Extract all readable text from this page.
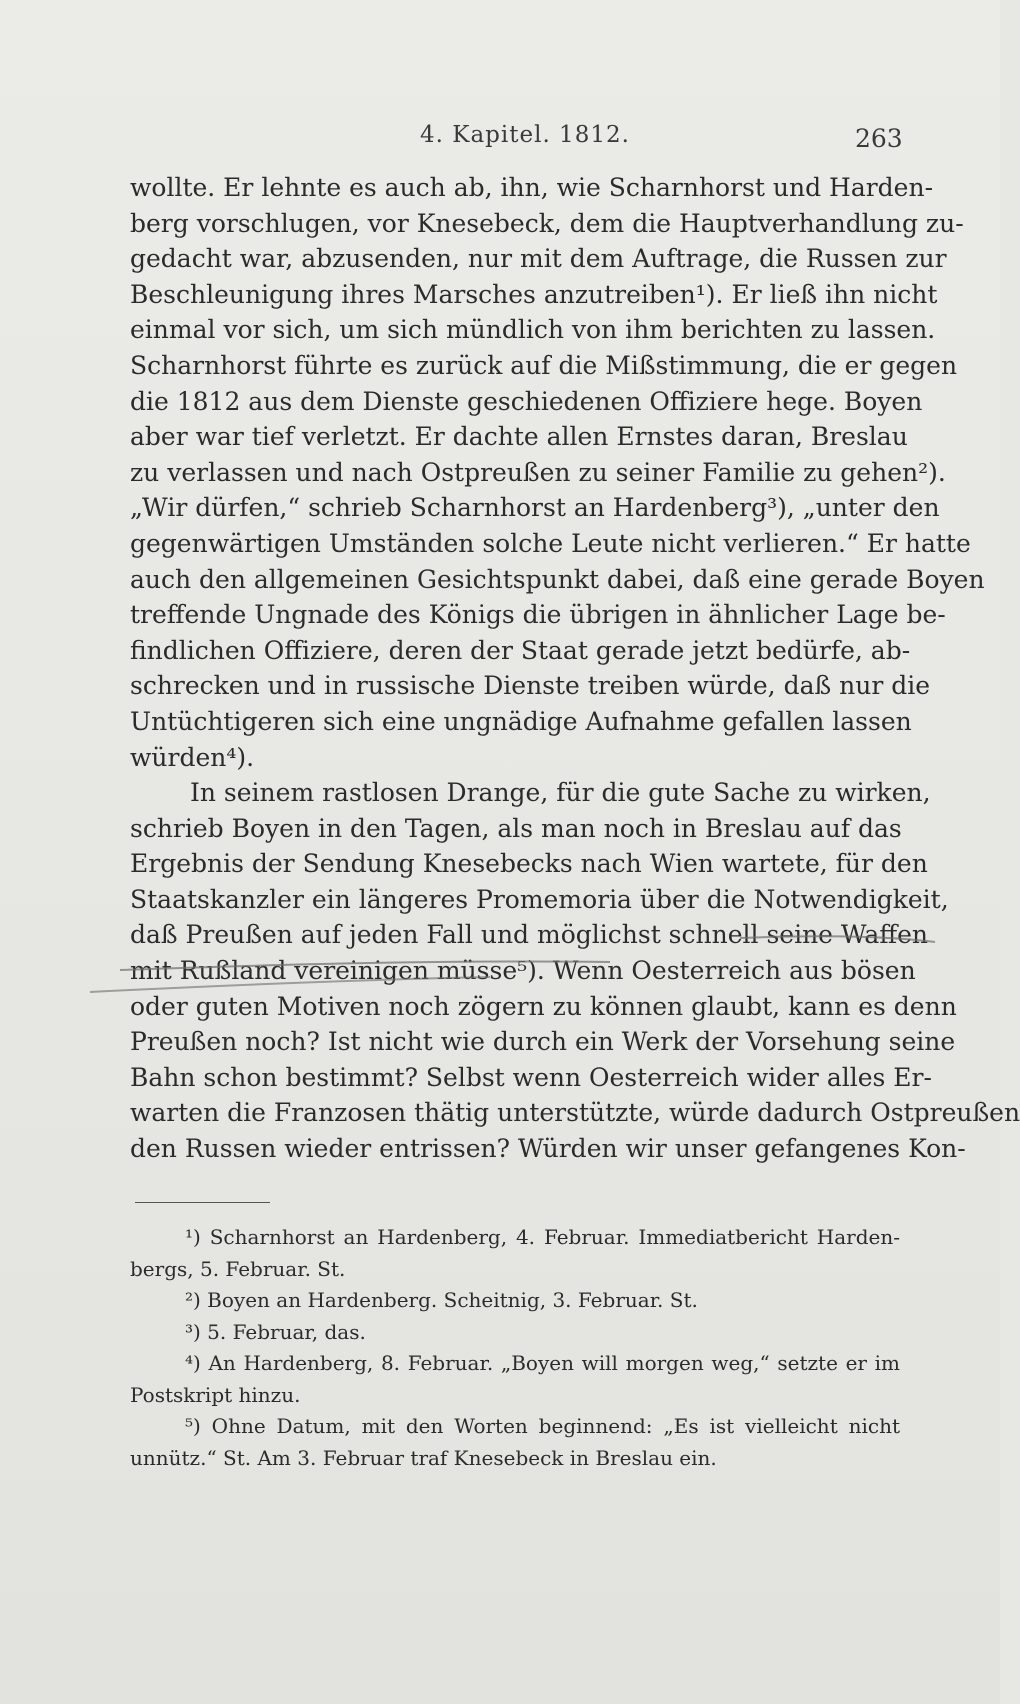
4. Kapitel. 1812.	263
wollte. Er lehnte es auch ab, ihn, wie Scharnhorst und Harden-
berg vorschlugen, vor Knesebeck, dem die Hauptverhandlung zu-
gedacht war, abzusenden, nur mit dem Auftrage, die Russen zur
Beschleunigung ihres Marsches anzutreiben¹). Er ließ ihn nicht
einmal vor sich, um sich mündlich von ihm berichten zu lassen.
Scharnhorst führte es zurück auf die Mißstimmung, die er gegen
die 1812 aus dem Dienste geschiedenen Offiziere hege. Boyen
aber war tief verletzt. Er dachte allen Ernstes daran, Breslau
zu verlassen und nach Ostpreußen zu seiner Familie zu gehen²).
„Wir dürfen,“ schrieb Scharnhorst an Hardenberg³), „unter den
gegenwärtigen Umständen solche Leute nicht verlieren.“ Er hatte
auch den allgemeinen Gesichtspunkt dabei, daß eine gerade Boyen
treffende Ungnade des Königs die übrigen in ähnlicher Lage be-
findlichen Offiziere, deren der Staat gerade jetzt bedürfe, ab-
schrecken und in russische Dienste treiben würde, daß nur die
Untüchtigeren sich eine ungnädige Aufnahme gefallen lassen
würden⁴).
In seinem rastlosen Drange, für die gute Sache zu wirken,
schrieb Boyen in den Tagen, als man noch in Breslau auf das
Ergebnis der Sendung Knesebecks nach Wien wartete, für den
Staatskanzler ein längeres Promemoria über die Notwendigkeit,
daß Preußen auf jeden Fall und möglichst schnell seine Waffen
mit Rußland vereinigen müsse⁵). Wenn Oesterreich aus bösen
oder guten Motiven noch zögern zu können glaubt, kann es denn
Preußen noch? Ist nicht wie durch ein Werk der Vorsehung seine
Bahn schon bestimmt? Selbst wenn Oesterreich wider alles Er-
warten die Franzosen thätig unterstützte, würde dadurch Ostpreußen
den Russen wieder entrissen? Würden wir unser gefangenes Kon-
¹) Scharnhorst an Hardenberg, 4. Februar. Immediatbericht Harden-
bergs, 5. Februar. St.
²) Boyen an Hardenberg. Scheitnig, 3. Februar. St.
³) 5. Februar, das.
⁴) An Hardenberg, 8. Februar. „Boyen will morgen weg,“ setzte er im
Postskript hinzu.
⁵) Ohne Datum, mit den Worten beginnend: „Es ist vielleicht nicht
unnütz.“ St. Am 3. Februar traf Knesebeck in Breslau ein.
